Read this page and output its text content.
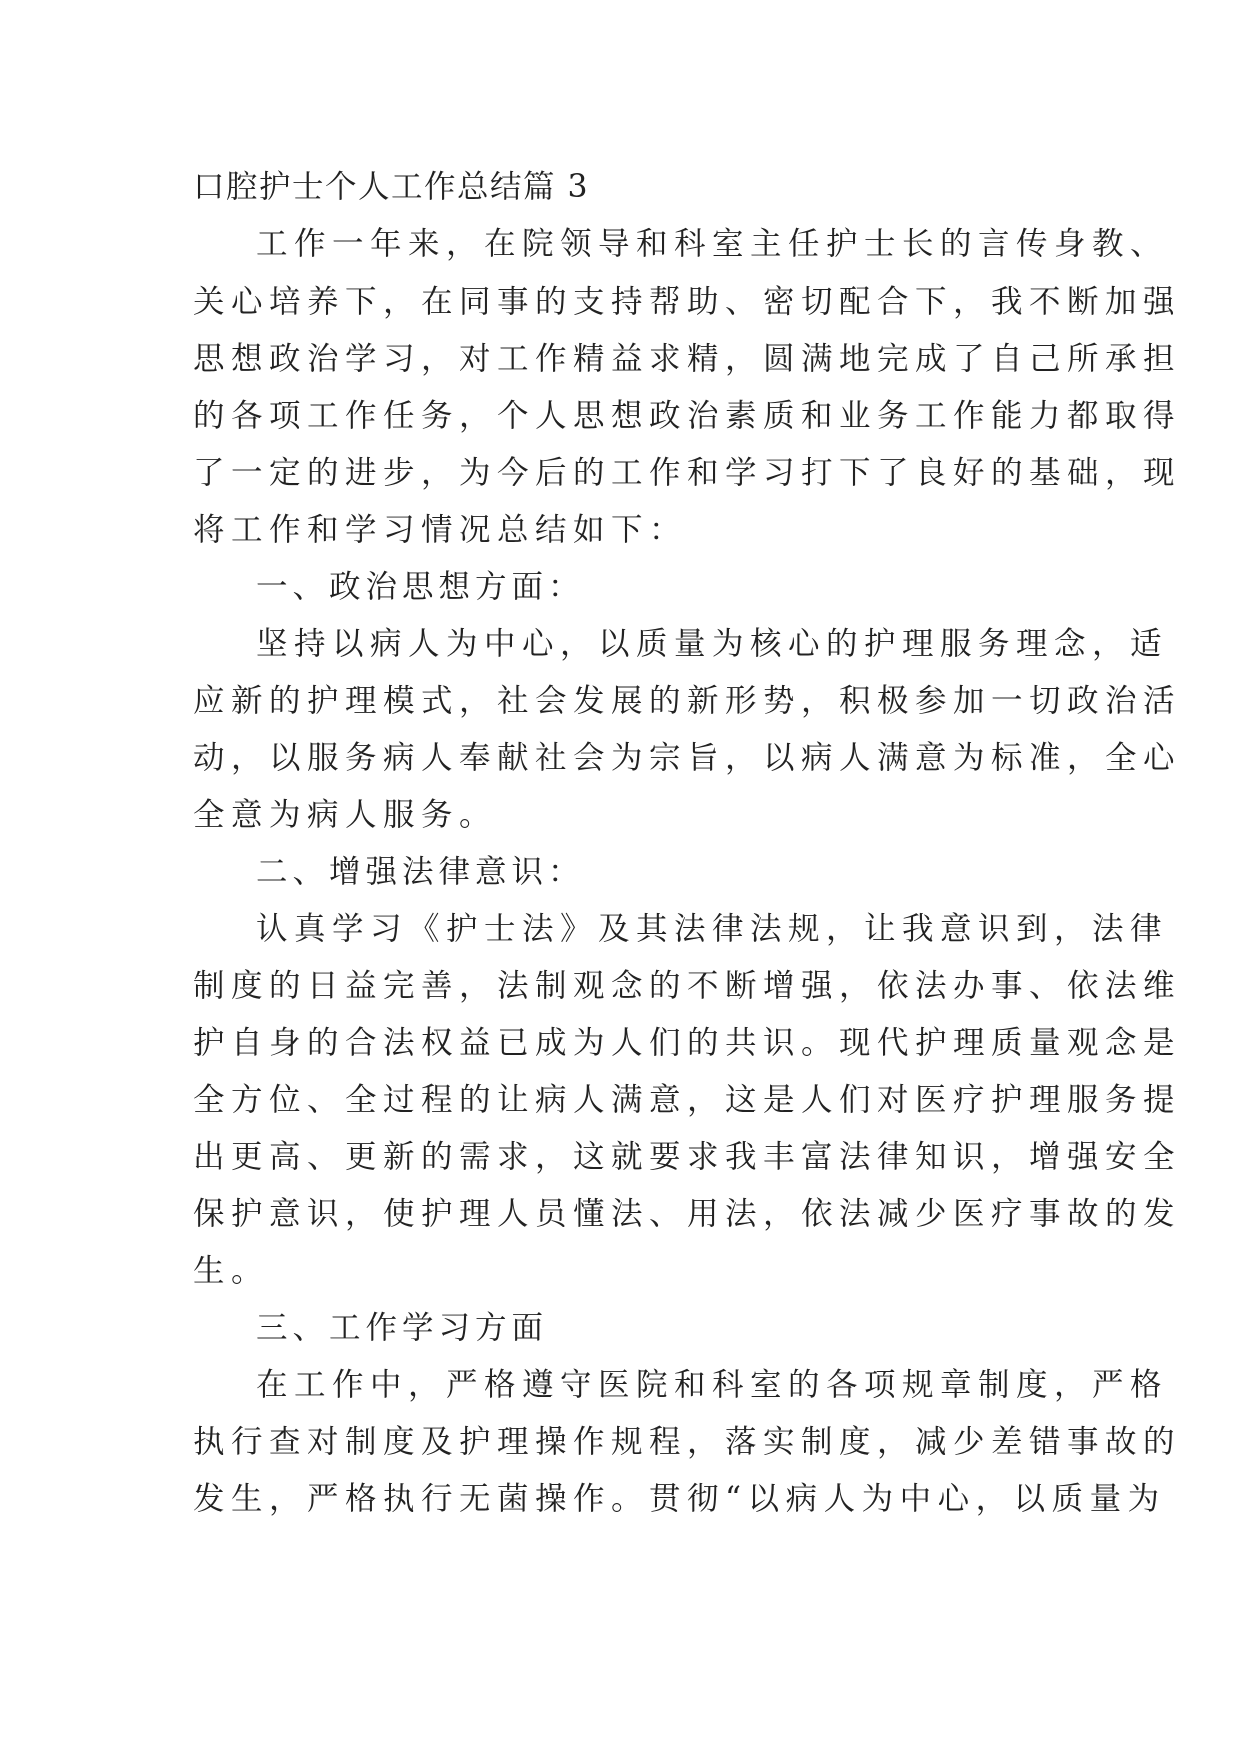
口腔护士个人工作总结篇 3
工作一年来，在院领导和科室主任护士长的言传身教、
关心培养下，在同事的支持帮助、密切配合下，我不断加强
思想政治学习，对工作精益求精，圆满地完成了自己所承担
的各项工作任务，个人思想政治素质和业务工作能力都取得
了一定的进步，为今后的工作和学习打下了良好的基础，现
将工作和学习情况总结如下：
一、政治思想方面：
坚持以病人为中心，以质量为核心的护理服务理念，适
应新的护理模式，社会发展的新形势，积极参加一切政治活
动，以服务病人奉献社会为宗旨，以病人满意为标准，全心
全意为病人服务。
二、增强法律意识：
认真学习《护士法》及其法律法规，让我意识到，法律
制度的日益完善，法制观念的不断增强，依法办事、依法维
护自身的合法权益已成为人们的共识。现代护理质量观念是
全方位、全过程的让病人满意，这是人们对医疗护理服务提
出更高、更新的需求，这就要求我丰富法律知识，增强安全
保护意识，使护理人员懂法、用法，依法减少医疗事故的发
生。
三、工作学习方面
在工作中，严格遵守医院和科室的各项规章制度，严格
执行查对制度及护理操作规程，落实制度，减少差错事故的
发生，严格执行无菌操作。贯彻“以病人为中心，以质量为
